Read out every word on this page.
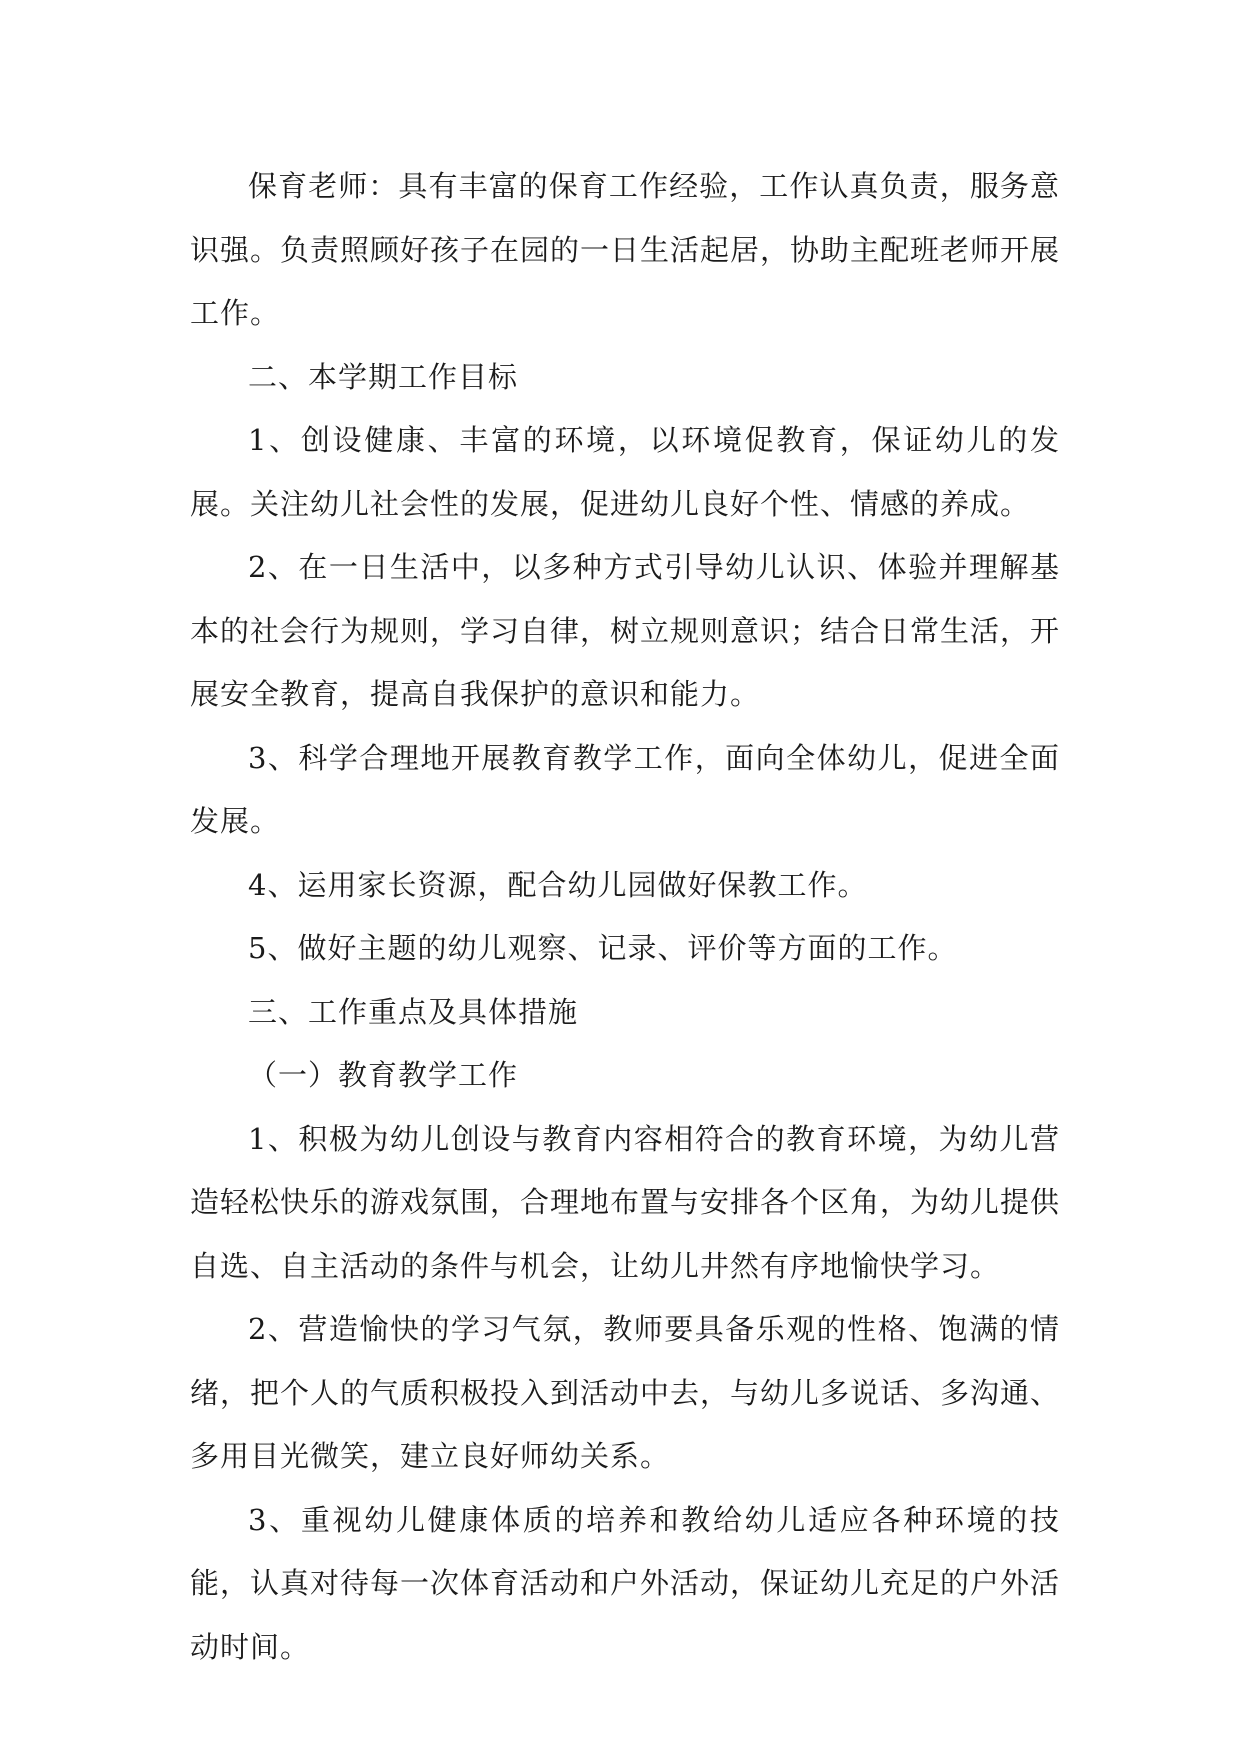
保育老师：具有丰富的保育工作经验，工作认真负责，服务意识强。负责照顾好孩子在园的一日生活起居，协助主配班老师开展工作。

二、本学期工作目标

1、创设健康、丰富的环境，以环境促教育，保证幼儿的发展。关注幼儿社会性的发展，促进幼儿良好个性、情感的养成。

2、在一日生活中，以多种方式引导幼儿认识、体验并理解基本的社会行为规则，学习自律，树立规则意识；结合日常生活，开展安全教育，提高自我保护的意识和能力。

3、科学合理地开展教育教学工作，面向全体幼儿，促进全面发展。

4、运用家长资源，配合幼儿园做好保教工作。

5、做好主题的幼儿观察、记录、评价等方面的工作。

三、工作重点及具体措施

（一）教育教学工作

1、积极为幼儿创设与教育内容相符合的教育环境，为幼儿营造轻松快乐的游戏氛围，合理地布置与安排各个区角，为幼儿提供自选、自主活动的条件与机会，让幼儿井然有序地愉快学习。

2、营造愉快的学习气氛，教师要具备乐观的性格、饱满的情绪，把个人的气质积极投入到活动中去，与幼儿多说话、多沟通、多用目光微笑，建立良好师幼关系。

3、重视幼儿健康体质的培养和教给幼儿适应各种环境的技能，认真对待每一次体育活动和户外活动，保证幼儿充足的户外活动时间。
